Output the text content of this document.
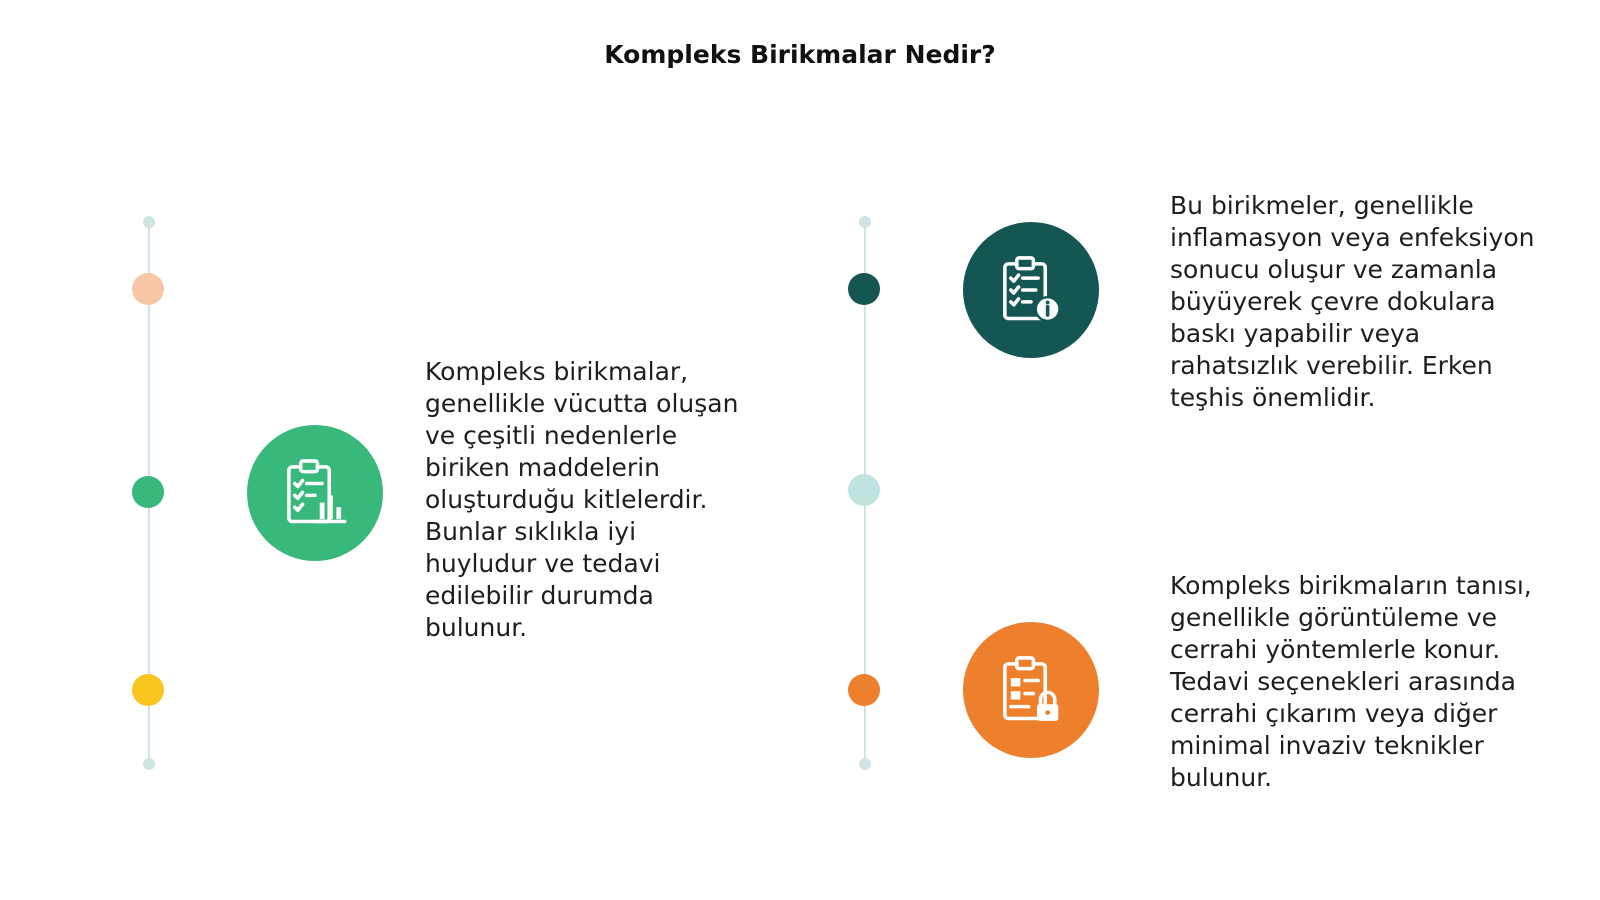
Kompleks Birikmalar Nedir?

Kompleks birikmalar, genellikle vücutta oluşan ve çeşitli nedenlerle biriken maddelerin oluşturduğu kitlelerdir. Bunlar sıklıkla iyi huyludur ve tedavi edilebilir durumda bulunur.

Bu birikmeler, genellikle inflamasyon veya enfeksiyon sonucu oluşur ve zamanla büyüyerek çevre dokulara baskı yapabilir veya rahatsızlık verebilir. Erken teşhis önemlidir.

Kompleks birikmaların tanısı, genellikle görüntüleme ve cerrahi yöntemlerle konur. Tedavi seçenekleri arasında cerrahi çıkarım veya diğer minimal invaziv teknikler bulunur.
